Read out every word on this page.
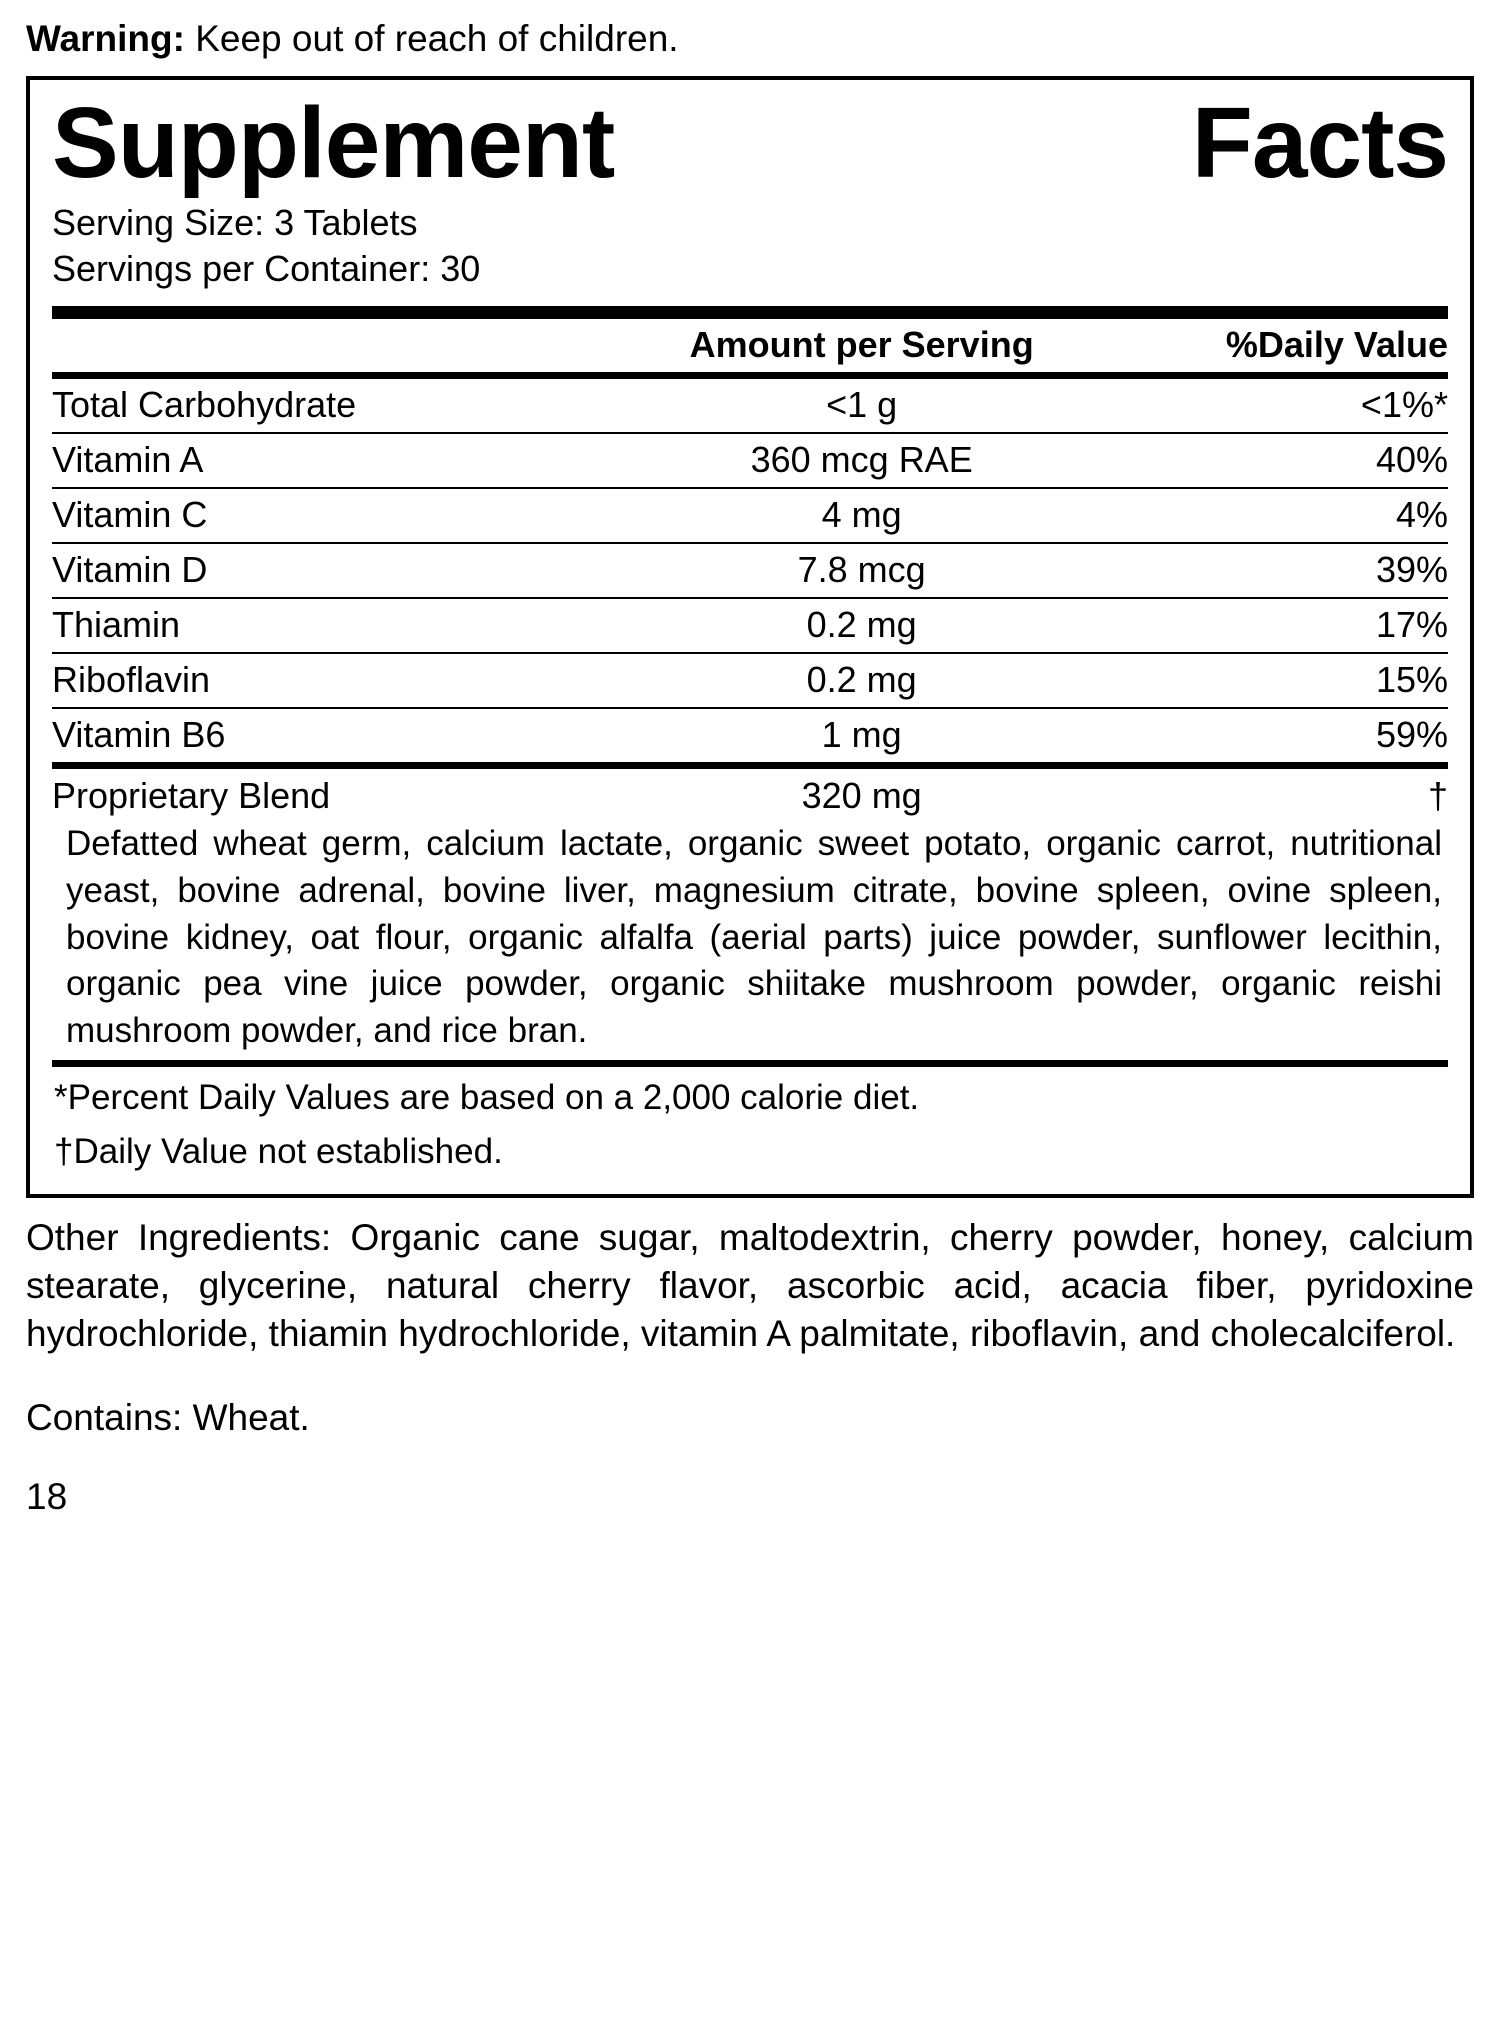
Warning: Keep out of reach of children.
Supplement	Facts
Serving Size: 3 Tablets
Servings per Container: 30
	Amount per Serving	%Daily Value
Total Carbohydrate	<1 g	<1%*
Vitamin A	360 mcg RAE	40%
Vitamin C	4 mg	4%
Vitamin D	7.8 mcg	39%
Thiamin	0.2 mg	17%
Riboflavin	0.2 mg	15%
Vitamin B6	1 mg	59%
Proprietary Blend	320 mg	†
Defatted wheat germ, calcium lactate, organic sweet potato, organic carrot, nutritional yeast, bovine adrenal, bovine liver, magnesium citrate, bovine spleen, ovine spleen, bovine kidney, oat flour, organic alfalfa (aerial parts) juice powder, sunflower lecithin, organic pea vine juice powder, organic shiitake mushroom powder, organic reishi mushroom powder, and rice bran.
*Percent Daily Values are based on a 2,000 calorie diet.
†Daily Value not established.
Other Ingredients: Organic cane sugar, maltodextrin, cherry powder, honey, calcium stearate, glycerine, natural cherry flavor, ascorbic acid, acacia fiber, pyridoxine hydrochloride, thiamin hydrochloride, vitamin A palmitate, riboflavin, and cholecalciferol.
Contains: Wheat.
18
